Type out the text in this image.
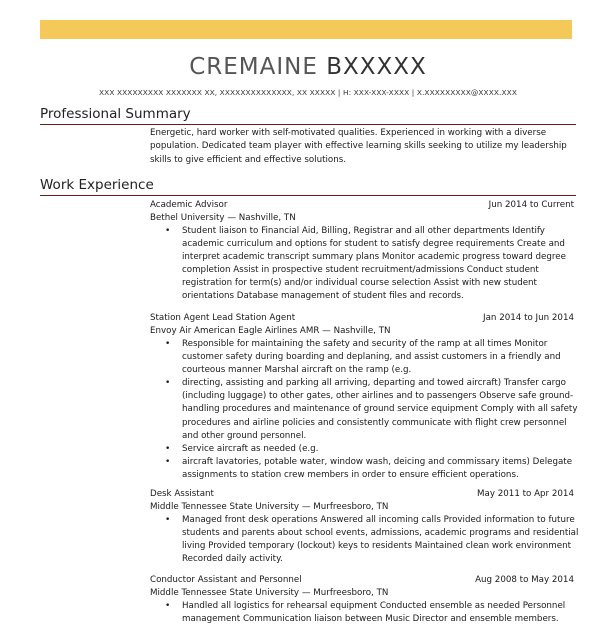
CREMAINE BXXXXX
XXX XXXXXXXXX XXXXXXX XX, XXXXXXXXXXXXXX, XX XXXXX | H: XXX-XXX-XXXX | X.XXXXXXXXX@XXXX.XXX
Professional Summary
Energetic, hard worker with self-motivated qualities. Experienced in working with a diverse population. Dedicated team player with effective learning skills seeking to utilize my leadership skills to give efficient and effective solutions.
Work Experience
Academic Advisor	Jun 2014 to Current
Bethel University — Nashville, TN
• Student liaison to Financial Aid, Billing, Registrar and all other departments Identify academic curriculum and options for student to satisfy degree requirements Create and interpret academic transcript summary plans Monitor academic progress toward degree completion Assist in prospective student recruitment/admissions Conduct student registration for term(s) and/or individual course selection Assist with new student orientations Database management of student files and records.
Station Agent Lead Station Agent	Jan 2014 to Jun 2014
Envoy Air American Eagle Airlines AMR — Nashville, TN
• Responsible for maintaining the safety and security of the ramp at all times Monitor customer safety during boarding and deplaning, and assist customers in a friendly and courteous manner Marshal aircraft on the ramp (e.g.
• directing, assisting and parking all arriving, departing and towed aircraft) Transfer cargo (including luggage) to other gates, other airlines and to passengers Observe safe ground-handling procedures and maintenance of ground service equipment Comply with all safety procedures and airline policies and consistently communicate with flight crew personnel and other ground personnel.
• Service aircraft as needed (e.g.
• aircraft lavatories, potable water, window wash, deicing and commissary items) Delegate assignments to station crew members in order to ensure efficient operations.
Desk Assistant	May 2011 to Apr 2014
Middle Tennessee State University — Murfreesboro, TN
• Managed front desk operations Answered all incoming calls Provided information to future students and parents about school events, admissions, academic programs and residential living Provided temporary (lockout) keys to residents Maintained clean work environment Recorded daily activity.
Conductor Assistant and Personnel	Aug 2008 to May 2014
Middle Tennessee State University — Murfreesboro, TN
• Handled all logistics for rehearsal equipment Conducted ensemble as needed Personnel management Communication liaison between Music Director and ensemble members.
